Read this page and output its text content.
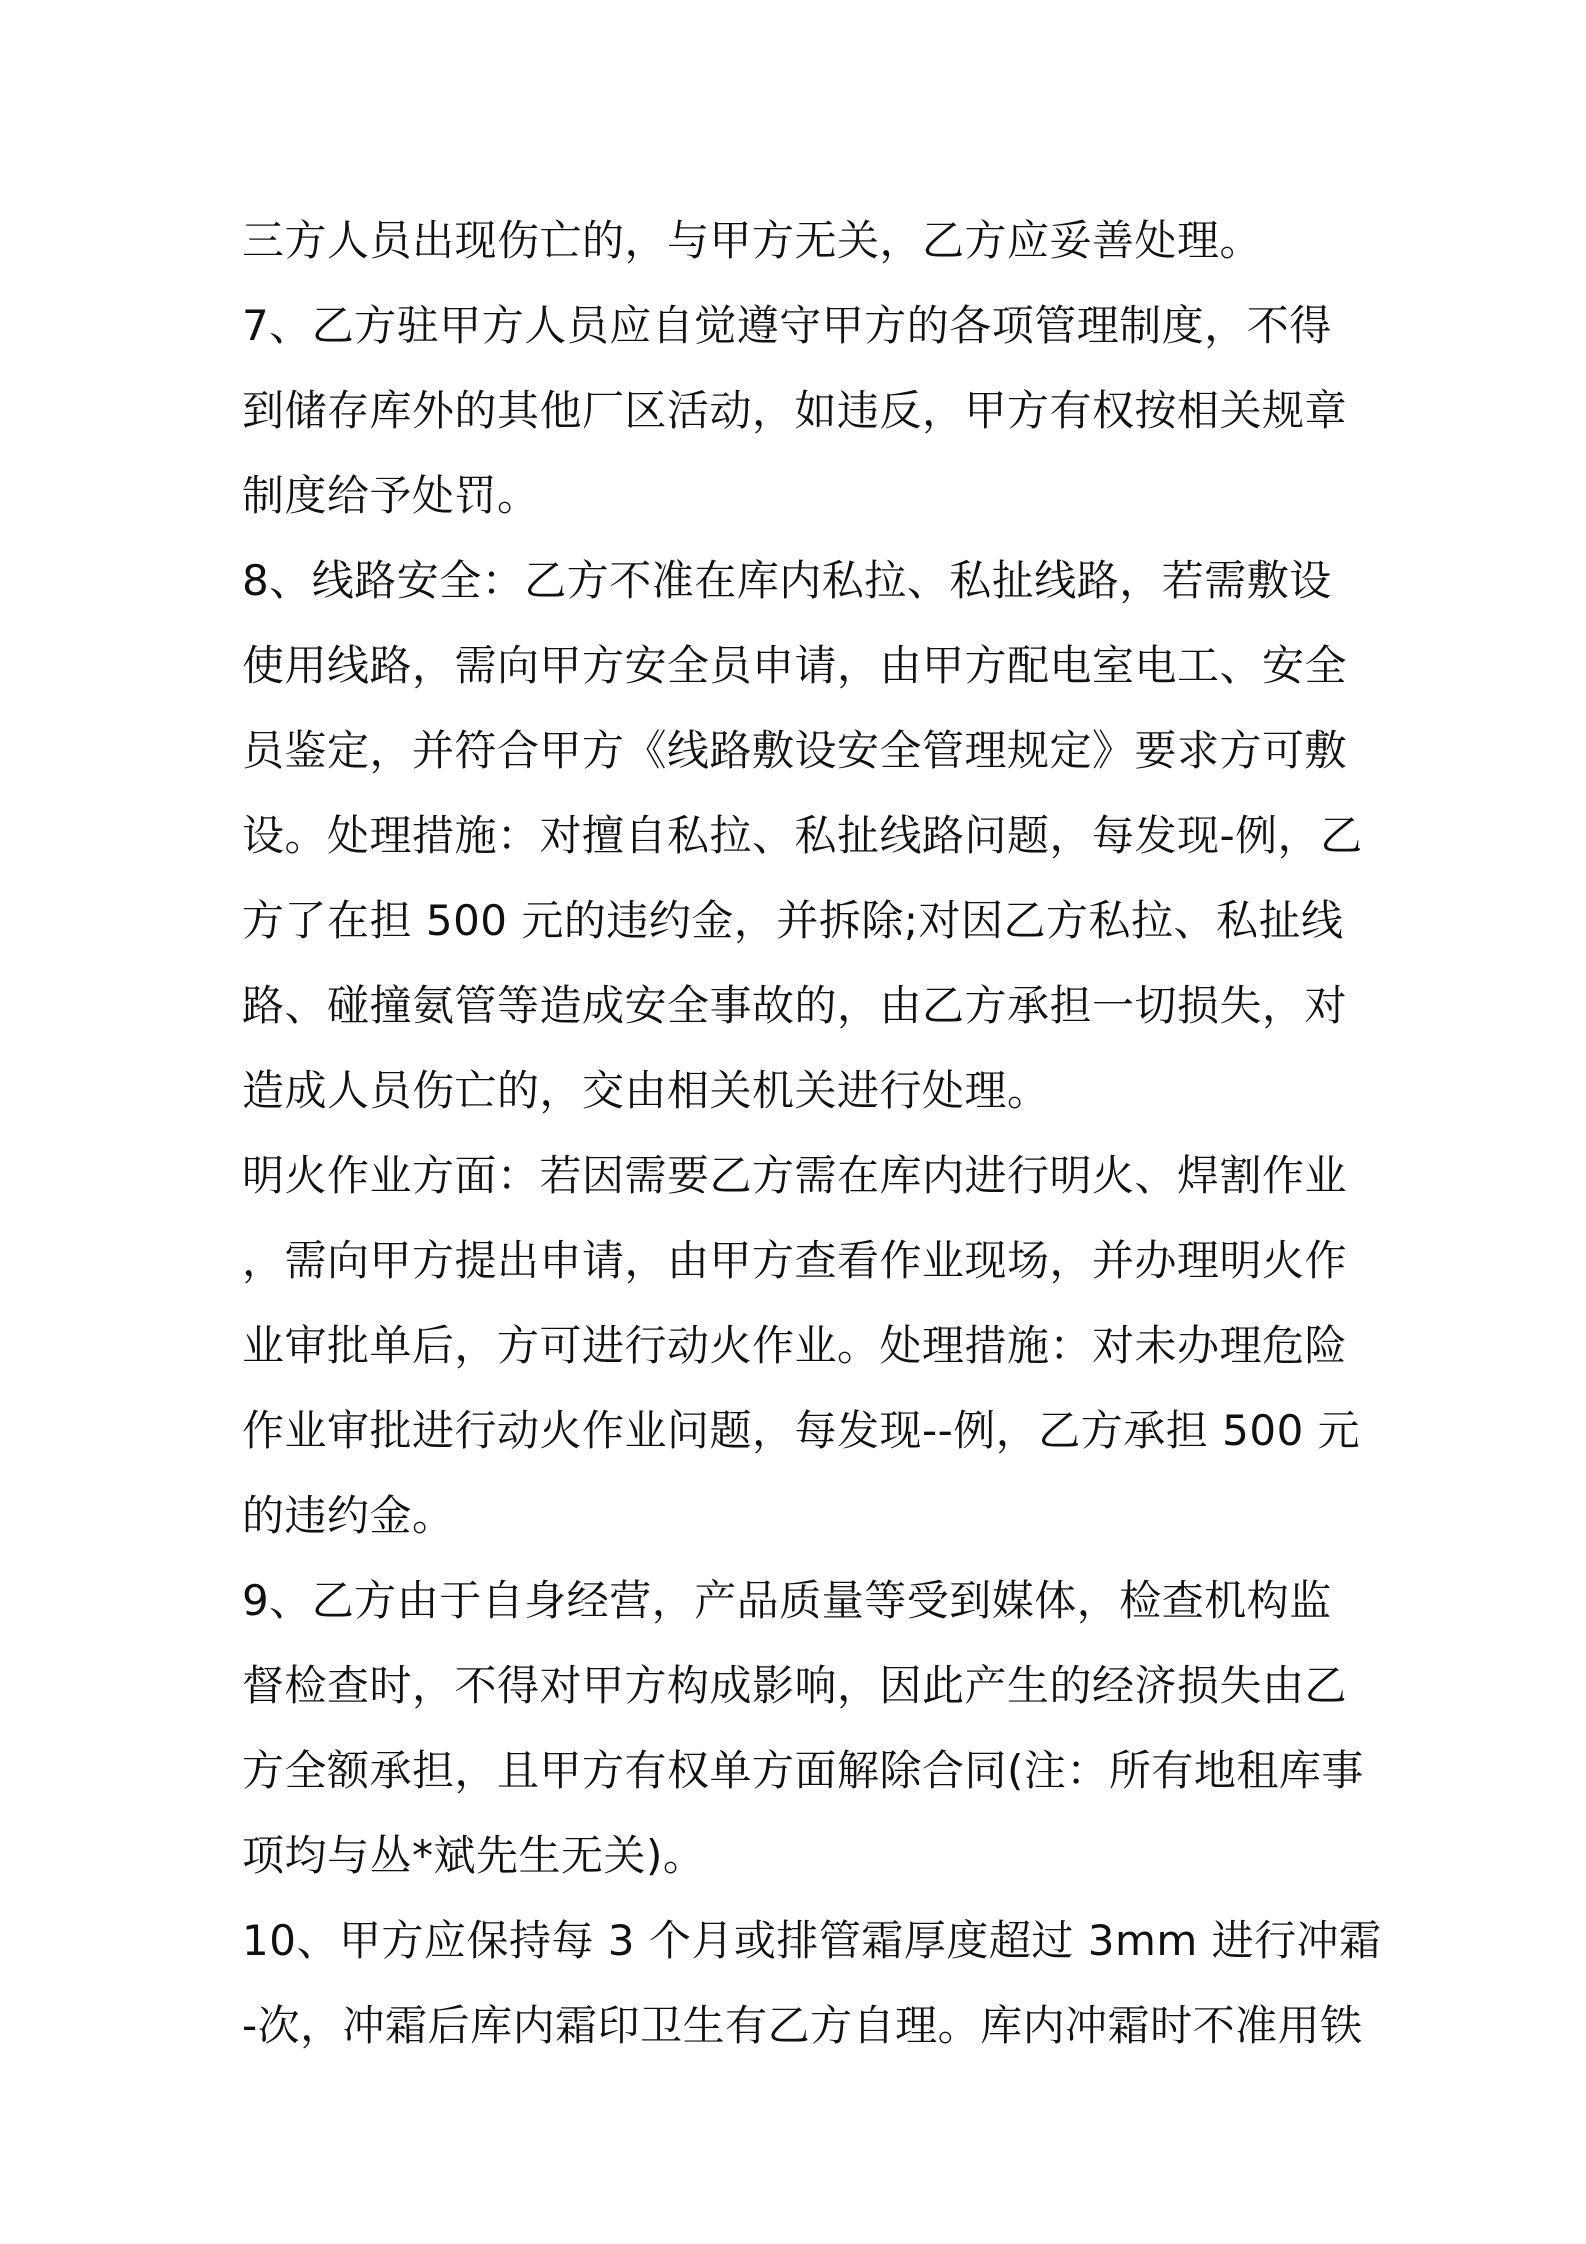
三方人员出现伤亡的，与甲方无关，乙方应妥善处理。
7、乙方驻甲方人员应自觉遵守甲方的各项管理制度，不得
到储存库外的其他厂区活动，如违反，甲方有权按相关规章
制度给予处罚。
8、线路安全：乙方不准在库内私拉、私扯线路，若需敷设
使用线路，需向甲方安全员申请，由甲方配电室电工、安全
员鉴定，并符合甲方《线路敷设安全管理规定》要求方可敷
设。处理措施：对擅自私拉、私扯线路问题，每发现-例，乙
方了在担 500 元的违约金，并拆除;对因乙方私拉、私扯线
路、碰撞氨管等造成安全事故的，由乙方承担一切损失，对
造成人员伤亡的，交由相关机关进行处理。
明火作业方面：若因需要乙方需在库内进行明火、焊割作业
，需向甲方提出申请，由甲方查看作业现场，并办理明火作
业审批单后，方可进行动火作业。处理措施：对未办理危险
作业审批进行动火作业问题，每发现--例，乙方承担 500 元
的违约金。
9、乙方由于自身经营，产品质量等受到媒体，检查机构监
督检查时，不得对甲方构成影响，因此产生的经济损失由乙
方全额承担，且甲方有权单方面解除合同(注：所有地租库事
项均与丛*斌先生无关)。
10、甲方应保持每 3 个月或排管霜厚度超过 3mm 进行冲霜
-次，冲霜后库内霜印卫生有乙方自理。库内冲霜时不准用铁
